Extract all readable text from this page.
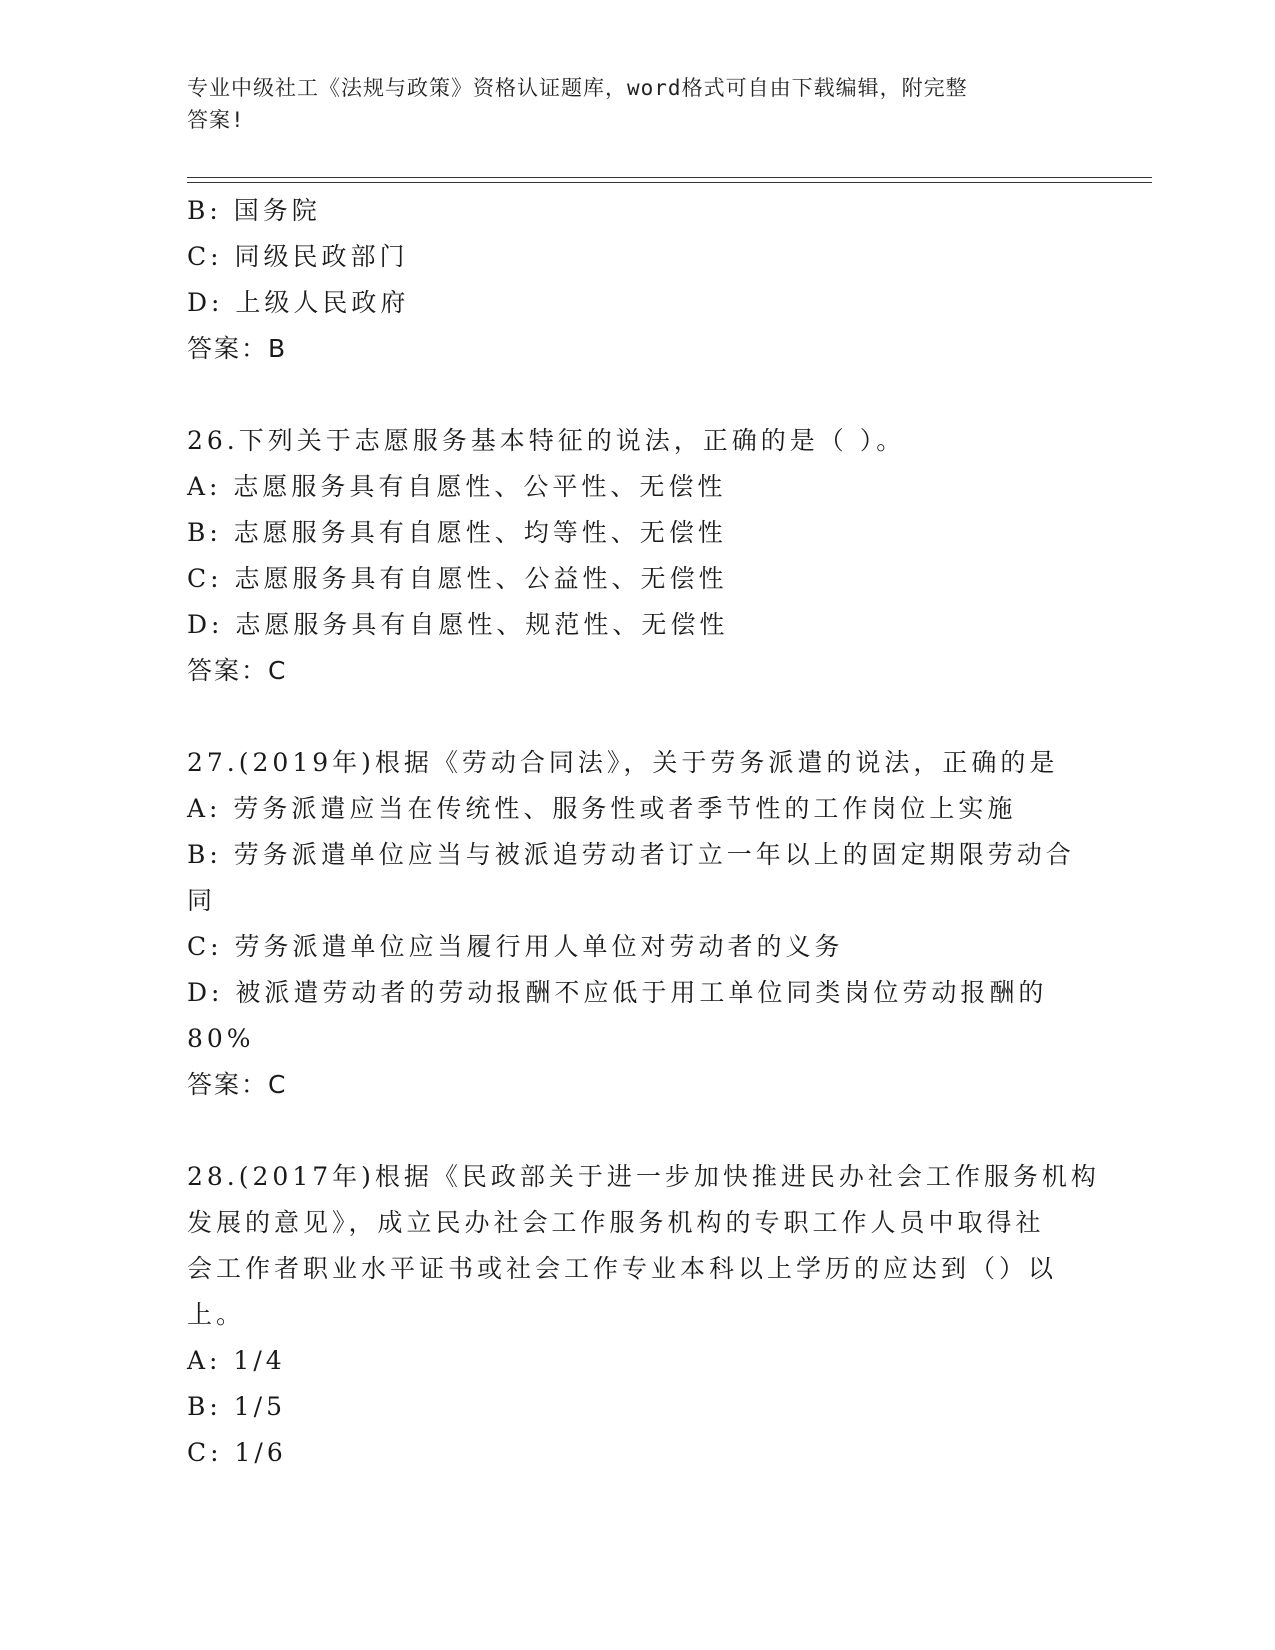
专业中级社工《法规与政策》资格认证题库，word格式可自由下载编辑，附完整
答案!
B: 国务院
C: 同级民政部门
D: 上级人民政府
答案：B
26.下列关于志愿服务基本特征的说法，正确的是（ ）。
A: 志愿服务具有自愿性、公平性、无偿性
B: 志愿服务具有自愿性、均等性、无偿性
C: 志愿服务具有自愿性、公益性、无偿性
D: 志愿服务具有自愿性、规范性、无偿性
答案：C
27.(2019年)根据《劳动合同法》，关于劳务派遣的说法，正确的是
A: 劳务派遣应当在传统性、服务性或者季节性的工作岗位上实施
B: 劳务派遣单位应当与被派追劳动者订立一年以上的固定期限劳动合
同
C: 劳务派遣单位应当履行用人单位对劳动者的义务
D: 被派遣劳动者的劳动报酬不应低于用工单位同类岗位劳动报酬的
80%
答案：C
28.(2017年)根据《民政部关于进一步加快推进民办社会工作服务机构
发展的意见》，成立民办社会工作服务机构的专职工作人员中取得社
会工作者职业水平证书或社会工作专业本科以上学历的应达到（）以
上。
A: 1/4
B: 1/5
C: 1/6
